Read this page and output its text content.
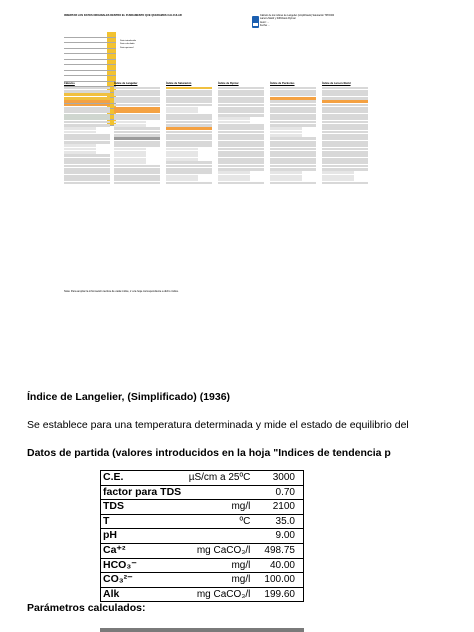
INSERTAR LOS DATOS ORIGINALES DENTRO EL FUNDAMENTO QUE QUERAMOS CALCULAR	Cálculo de los índices de Langelier (simplificado) Saturación TIPO000
Larson-Skold y Stiff-Davis Ryznar
Autor: ...
Fecha: ...
Dato introducido
Dato calculado
Dato opcional
Cálculos	Índice de Langelier	Índice de Saturación	Índice de Ryznar	Índice de Puckorius	Índice de Larson-Skold
Nota: Para ampliar la información teórica de cada índice, ir a la hoja correspondiente a dicho índice.
Índice de Langelier, (Simplificado) (1936)
Se establece para una temperatura determinada y mide el estado de equilibrio del
Datos de partida (valores introducidos en la hoja "Indices de tendencia p
C.E.	µS/cm a 25ºC	3000
factor para TDS		0.70
TDS	mg/l	2100
T	ºC	35.0
pH		9.00
Ca⁺²	mg CaCO₃/l	498.75
HCO₃⁻	mg/l	40.00
CO₃²⁻	mg/l	100.00
Alk	mg CaCO₃/l	199.60
Parámetros calculados:
